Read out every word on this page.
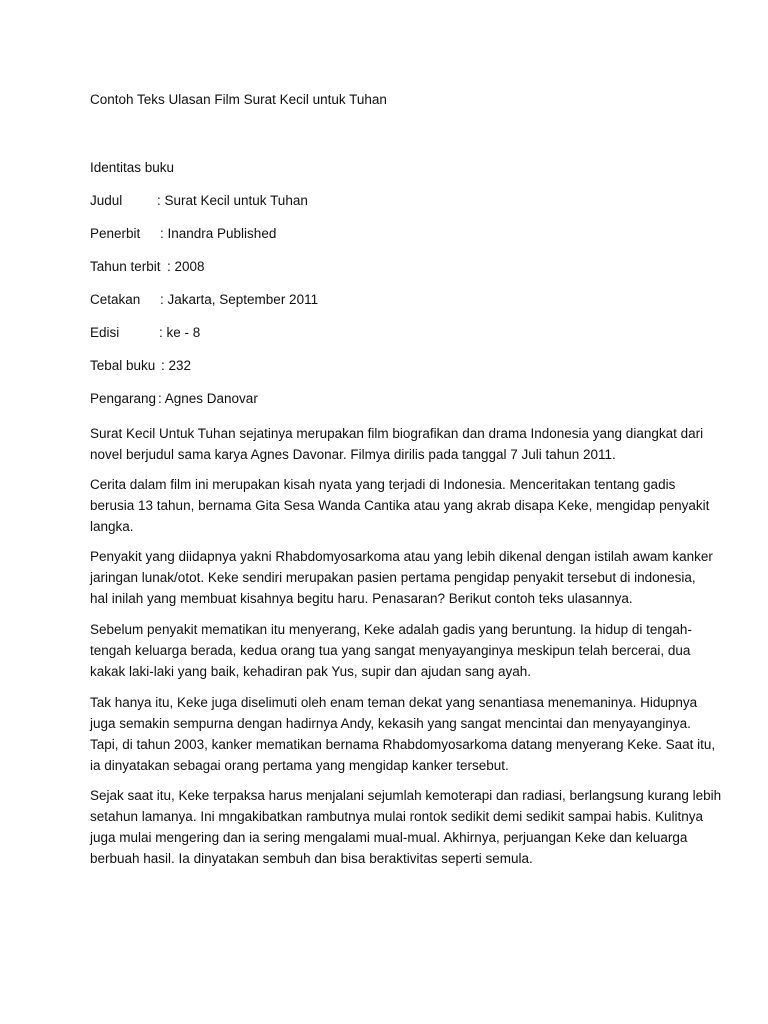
Contoh Teks Ulasan Film Surat Kecil untuk Tuhan
Identitas buku
Judul	: Surat Kecil untuk Tuhan
Penerbit : Inandra Published
Tahun terbit : 2008
Cetakan : Jakarta, September 2011
Edisi	: ke - 8
Tebal buku : 232
Pengarang : Agnes Danovar
Surat Kecil Untuk Tuhan sejatinya merupakan film biografikan dan drama Indonesia yang diangkat dari
novel berjudul sama karya Agnes Davonar. Filmya dirilis pada tanggal 7 Juli tahun 2011.
Cerita dalam film ini merupakan kisah nyata yang terjadi di Indonesia. Menceritakan tentang gadis
berusia 13 tahun, bernama Gita Sesa Wanda Cantika atau yang akrab disapa Keke, mengidap penyakit
langka.
Penyakit yang diidapnya yakni Rhabdomyosarkoma atau yang lebih dikenal dengan istilah awam kanker
jaringan lunak/otot. Keke sendiri merupakan pasien pertama pengidap penyakit tersebut di indonesia,
hal inilah yang membuat kisahnya begitu haru. Penasaran? Berikut contoh teks ulasannya.
Sebelum penyakit mematikan itu menyerang, Keke adalah gadis yang beruntung. Ia hidup di tengah-
tengah keluarga berada, kedua orang tua yang sangat menyayanginya meskipun telah bercerai, dua
kakak laki-laki yang baik, kehadiran pak Yus, supir dan ajudan sang ayah.
Tak hanya itu, Keke juga diselimuti oleh enam teman dekat yang senantiasa menemaninya. Hidupnya
juga semakin sempurna dengan hadirnya Andy, kekasih yang sangat mencintai dan menyayanginya.
Tapi, di tahun 2003, kanker mematikan bernama Rhabdomyosarkoma datang menyerang Keke. Saat itu,
ia dinyatakan sebagai orang pertama yang mengidap kanker tersebut.
Sejak saat itu, Keke terpaksa harus menjalani sejumlah kemoterapi dan radiasi, berlangsung kurang lebih
setahun lamanya. Ini mngakibatkan rambutnya mulai rontok sedikit demi sedikit sampai habis. Kulitnya
juga mulai mengering dan ia sering mengalami mual-mual. Akhirnya, perjuangan Keke dan keluarga
berbuah hasil. Ia dinyatakan sembuh dan bisa beraktivitas seperti semula.
